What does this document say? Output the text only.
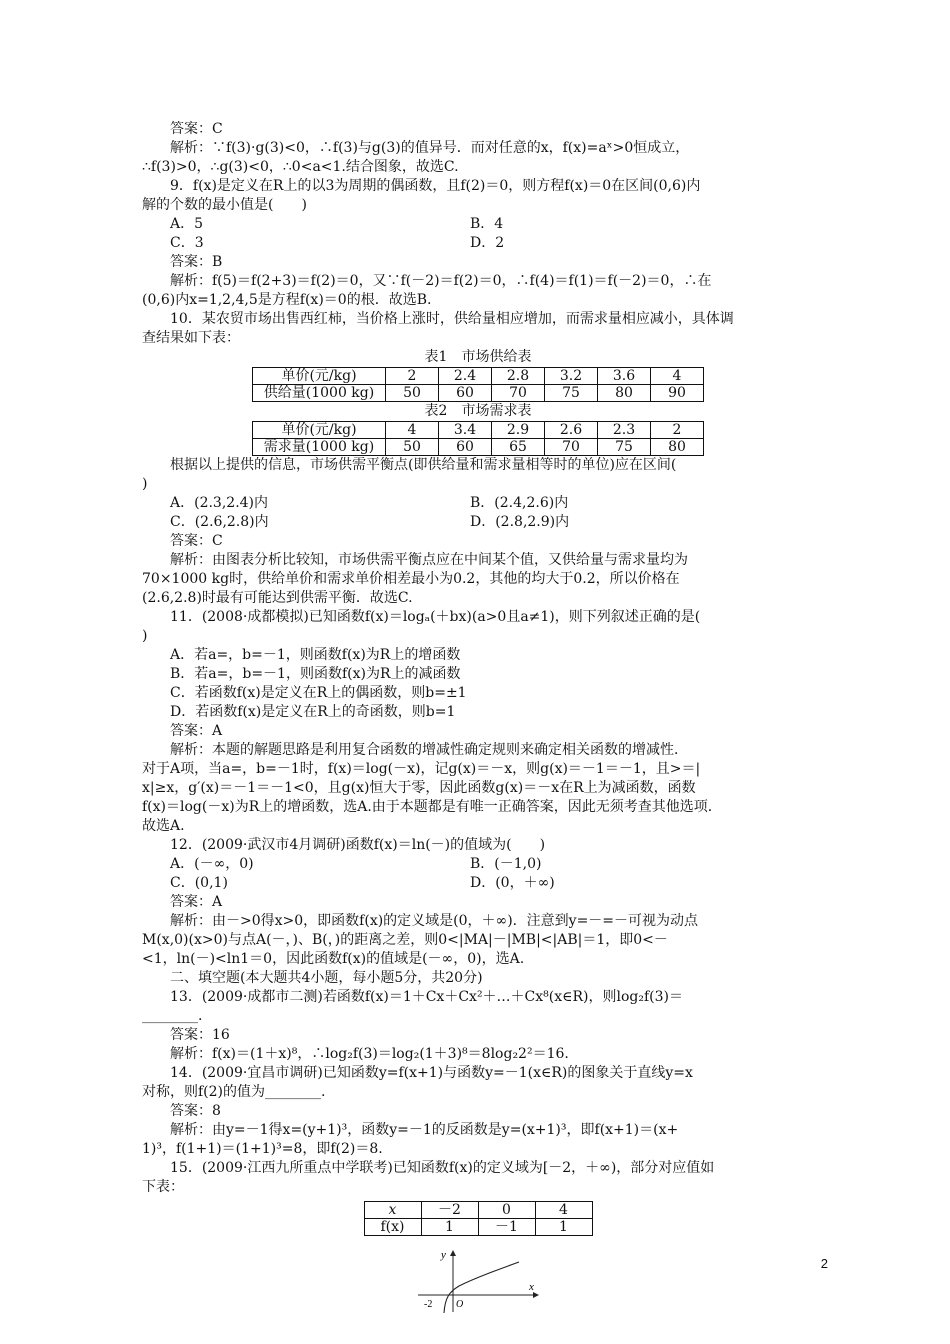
答案：C
解析：∵f(3)·g(3)<0，∴f(3)与g(3)的值异号．而对任意的x，f(x)=aˣ>0恒成立，
∴f(3)>0，∴g(3)<0，∴0<a<1.结合图象，故选C.
9．f(x)是定义在R上的以3为周期的偶函数，且f(2)＝0，则方程f(x)＝0在区间(0,6)内
解的个数的最小值是(　　)
A．5	B．4
C．3	D．2
答案：B
解析：f(5)＝f(2+3)＝f(2)＝0，又∵f(－2)＝f(2)＝0，∴f(4)＝f(1)＝f(－2)＝0，∴在
(0,6)内x=1,2,4,5是方程f(x)＝0的根．故选B.
10．某农贸市场出售西红柿，当价格上涨时，供给量相应增加，而需求量相应减小，具体调
查结果如下表：
表1　市场供给表
单价(元/kg)	2	2.4	2.8	3.2	3.6	4
供给量(1000 kg)	50	60	70	75	80	90
表2　市场需求表
单价(元/kg)	4	3.4	2.9	2.6	2.3	2
需求量(1000 kg)	50	60	65	70	75	80
根据以上提供的信息，市场供需平衡点(即供给量和需求量相等时的单位)应在区间(
)
A．(2.3,2.4)内	B．(2.4,2.6)内
C．(2.6,2.8)内	D．(2.8,2.9)内
答案：C
解析：由图表分析比较知，市场供需平衡点应在中间某个值，又供给量与需求量均为
70×1000 kg时，供给单价和需求单价相差最小为0.2，其他的均大于0.2，所以价格在
(2.6,2.8)时最有可能达到供需平衡．故选C.
11．(2008·成都模拟)已知函数f(x)＝logₐ(＋bx)(a>0且a≠1)，则下列叙述正确的是(
)
A．若a=，b=－1，则函数f(x)为R上的增函数
B．若a=，b=－1，则函数f(x)为R上的减函数
C．若函数f(x)是定义在R上的偶函数，则b=±1
D．若函数f(x)是定义在R上的奇函数，则b=1
答案：A
解析：本题的解题思路是利用复合函数的增减性确定规则来确定相关函数的增减性．
对于A项，当a=，b=－1时，f(x)＝log(－x)，记g(x)＝－x，则g(x)＝－1＝－1，且>＝|
x|≥x，g′(x)＝－1＝－1<0，且g(x)恒大于零，因此函数g(x)＝－x在R上为减函数，函数
f(x)＝log(－x)为R上的增函数，选A.由于本题都是有唯一正确答案，因此无须考查其他选项．
故选A.
12．(2009·武汉市4月调研)函数f(x)＝ln(－)的值域为(　　)
A．(－∞，0)	B．(－1,0)
C．(0,1)	D．(0，＋∞)
答案：A
解析：由－>0得x>0，即函数f(x)的定义域是(0，＋∞)．注意到y=－=－可视为动点
M(x,0)(x>0)与点A(－，)、B(，)的距离之差，则0<|MA|－|MB|<|AB|＝1，即0<－
<1，ln(－)<ln1＝0，因此函数f(x)的值域是(－∞，0)，选A.
二、填空题(本大题共4小题，每小题5分，共20分)
13．(2009·成都市二测)若函数f(x)＝1＋Cx＋Cx²＋…＋Cx⁸(x∈R)，则log₂f(3)＝
________.
答案：16
解析：f(x)＝(1＋x)⁸，∴log₂f(3)＝log₂(1＋3)⁸＝8log₂2²＝16.
14．(2009·宜昌市调研)已知函数y=f(x+1)与函数y=－1(x∈R)的图象关于直线y=x
对称，则f(2)的值为________.
答案：8
解析：由y=－1得x=(y+1)³，函数y=－1的反函数是y=(x+1)³，即f(x+1)＝(x+
1)³，f(1+1)＝(1+1)³=8，即f(2)＝8.
15．(2009·江西九所重点中学联考)已知函数f(x)的定义域为[－2，＋∞)，部分对应值如
下表：
x	－2	0	4
f(x)	1	－1	1
y
x
O
-2
2
